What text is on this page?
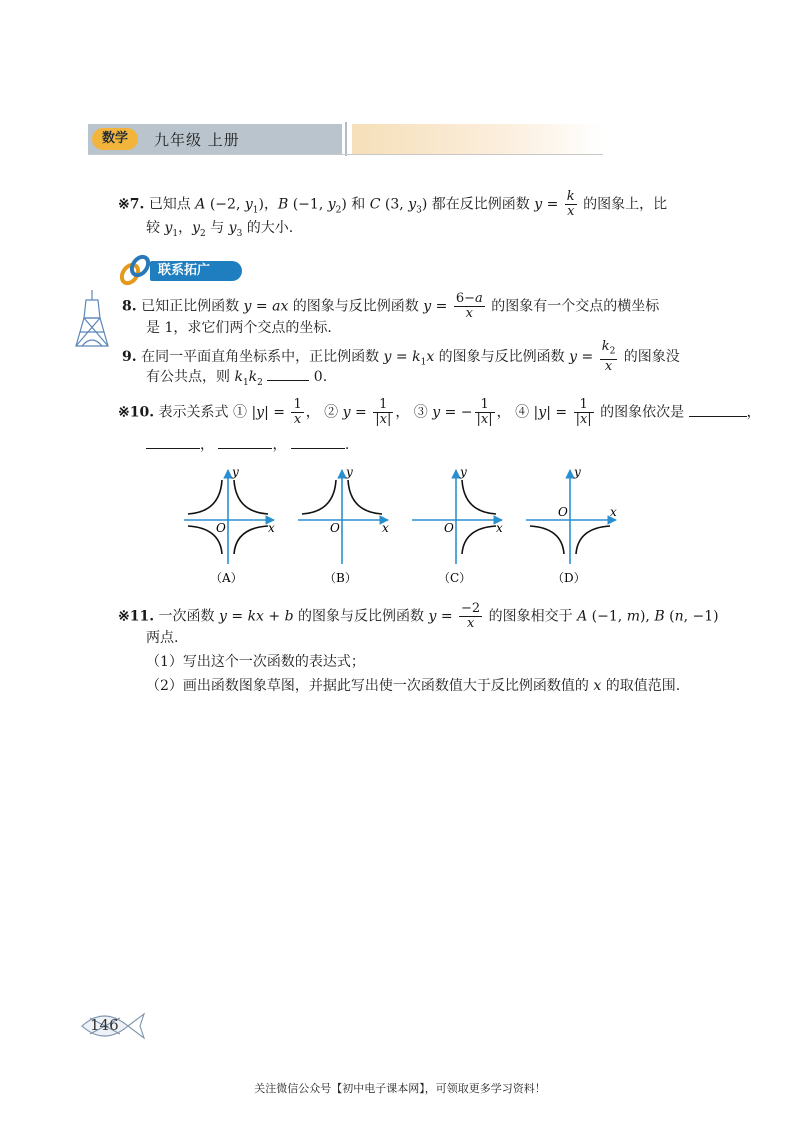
数学	九年级 上册
※7. 已知点 A (−2, $y_1$)，B (−1, $y_2$) 和 C (3, $y_3$) 都在反比例函数 $y = \frac{k}{x}$ 的图象上，比
较 $y_1$，$y_2$ 与 $y_3$ 的大小.
联系拓广
8. 已知正比例函数 y = ax 的图象与反比例函数 $y = \frac{6-a}{x}$ 的图象有一个交点的横坐标
是 1，求它们两个交点的坐标.
9. 在同一平面直角坐标系中，正比例函数 $y = k_1x$ 的图象与反比例函数 $y = \frac{k_2}{x}$ 的图象没
有公共点，则 $k_1k_2$	0.
※10. 表示关系式 ① $|y| = \frac{1}{x}$ ， ② $y = \frac{1}{|x|}$ ， ③ y = − $\frac{1}{|x|}$ ， ④ $|y| = \frac{1}{|x|}$ 的图象依次是	，
，	，	.
y
x
O
（A）
y
x
O
（B）
y
x
O
（C）
y
x
O
（D）
※11. 一次函数 y = kx + b 的图象与反比例函数 $y = \frac{-2}{x}$ 的图象相交于 A (−1, m), B (n, −1)
两点.
（1）写出这个一次函数的表达式；
（2）画出函数图象草图，并据此写出使一次函数值大于反比例函数值的 x 的取值范围.
146
关注微信公众号【初中电子课本网】，可领取更多学习资料！
